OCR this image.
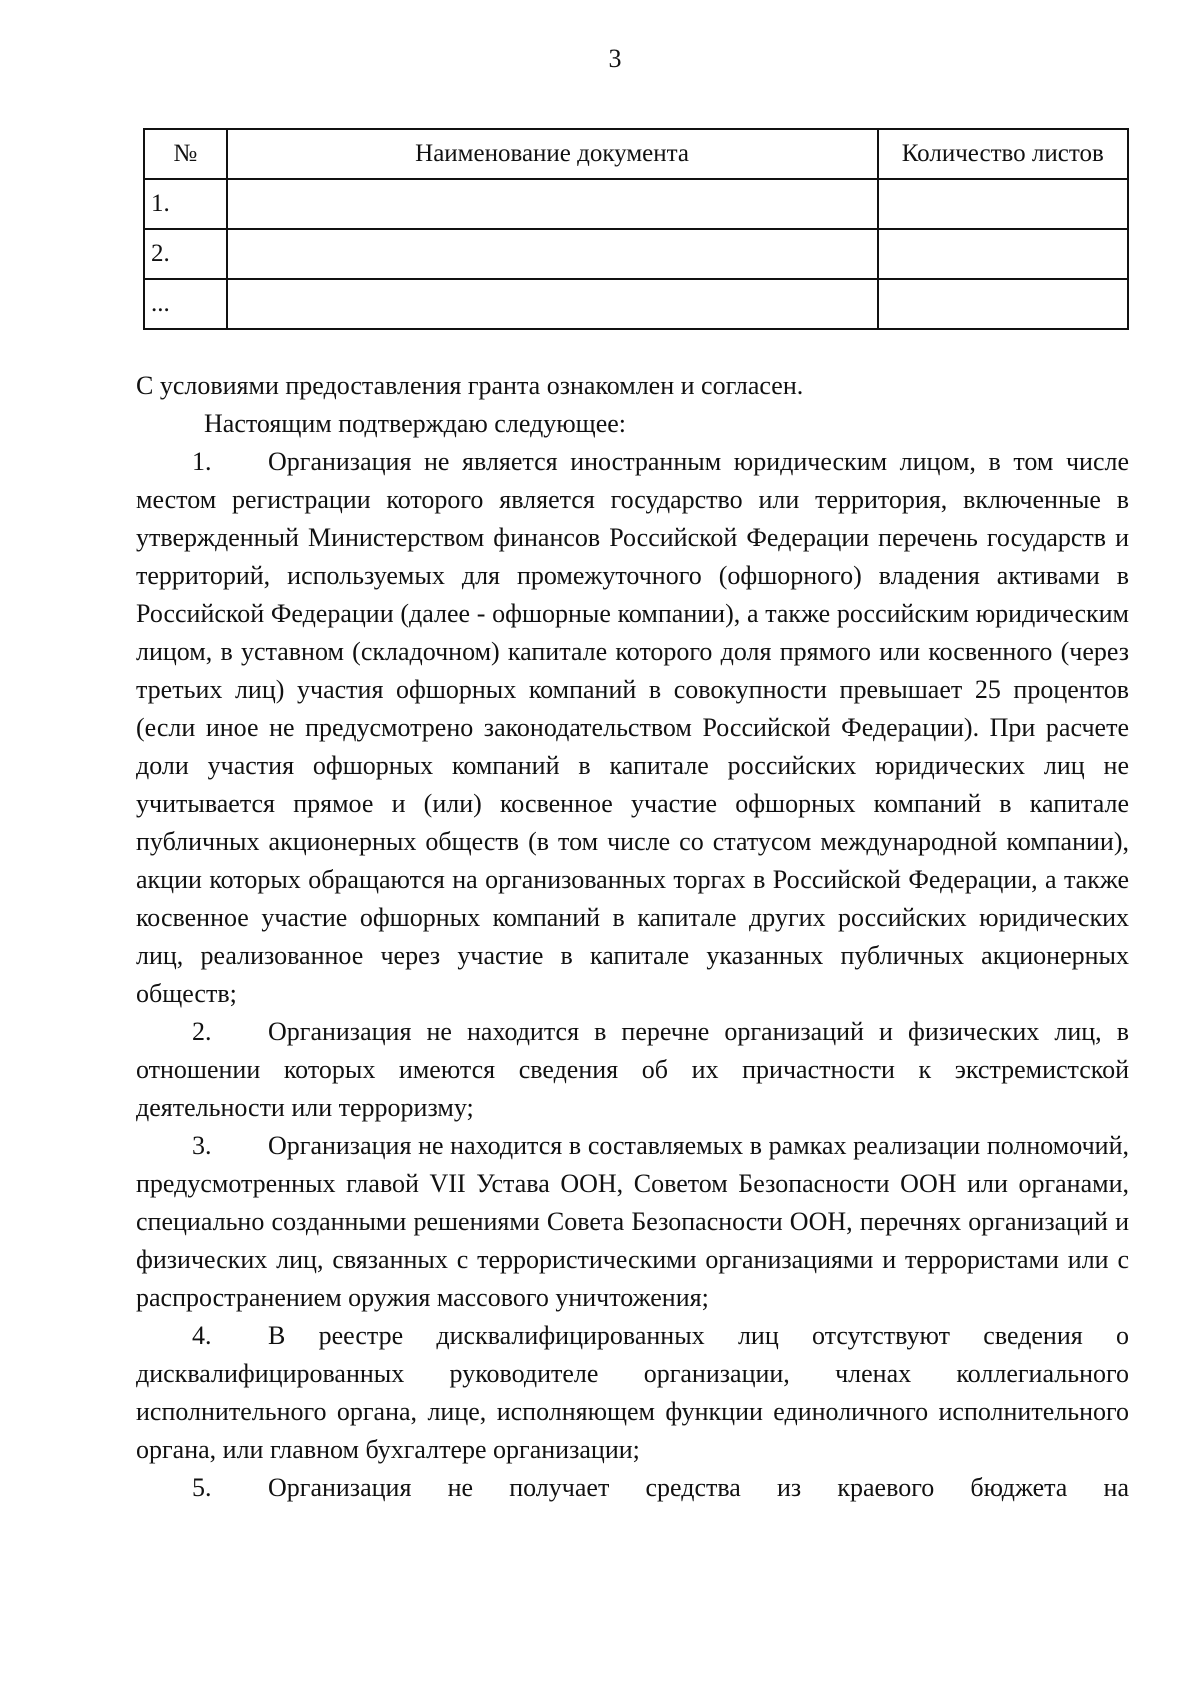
3
№	Наименование документа	Количество листов
1.		
2.		
...		

С условиями предоставления гранта ознакомлен и согласен.

Настоящим подтверждаю следующее:

1. Организация не является иностранным юридическим лицом, в том числе местом регистрации которого является государство или территория, включенные в утвержденный Министерством финансов Российской Федерации перечень государств и территорий, используемых для промежуточного (офшорного) владения активами в Российской Федерации (далее - офшорные компании), а также российским юридическим лицом, в уставном (складочном) капитале которого доля прямого или косвенного (через третьих лиц) участия офшорных компаний в совокупности превышает 25 процентов (если иное не предусмотрено законодательством Российской Федерации). При расчете доли участия офшорных компаний в капитале российских юридических лиц не учитывается прямое и (или) косвенное участие офшорных компаний в капитале публичных акционерных обществ (в том числе со статусом международной компании), акции которых обращаются на организованных торгах в Российской Федерации, а также косвенное участие офшорных компаний в капитале других российских юридических лиц, реализованное через участие в капитале указанных публичных акционерных обществ;

2. Организация не находится в перечне организаций и физических лиц, в отношении которых имеются сведения об их причастности к экстремистской деятельности или терроризму;

3. Организация не находится в составляемых в рамках реализации полномочий, предусмотренных главой VII Устава ООН, Советом Безопасности ООН или органами, специально созданными решениями Совета Безопасности ООН, перечнях организаций и физических лиц, связанных с террористическими организациями и террористами или с распространением оружия массового уничтожения;

4. В реестре дисквалифицированных лиц отсутствуют сведения о дисквалифицированных руководителе организации, членах коллегиального исполнительного органа, лице, исполняющем функции единоличного исполнительного органа, или главном бухгалтере организации;

5. Организация не получает средства из краевого бюджета на
